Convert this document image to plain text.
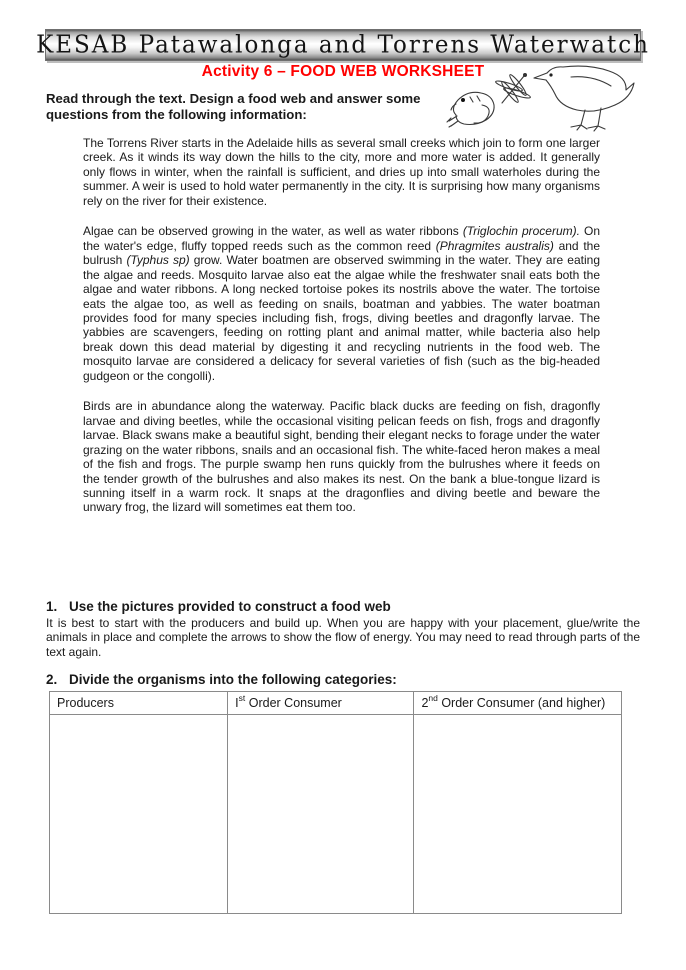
KESAB Patawalonga and Torrens Waterwatch
Activity 6 – FOOD WEB WORKSHEET
Read through the text. Design a food web and answer some questions from the following information:

The Torrens River starts in the Adelaide hills as several small creeks which join to form one larger creek. As it winds its way down the hills to the city, more and more water is added. It generally only flows in winter, when the rainfall is sufficient, and dries up into small waterholes during the summer. A weir is used to hold water permanently in the city. It is surprising how many organisms rely on the river for their existence.

Algae can be observed growing in the water, as well as water ribbons (Triglochin procerum). On the water's edge, fluffy topped reeds such as the common reed (Phragmites australis) and the bulrush (Typhus sp) grow. Water boatmen are observed swimming in the water. They are eating the algae and reeds. Mosquito larvae also eat the algae while the freshwater snail eats both the algae and water ribbons. A long necked tortoise pokes its nostrils above the water. The tortoise eats the algae too, as well as feeding on snails, boatman and yabbies. The water boatman provides food for many species including fish, frogs, diving beetles and dragonfly larvae. The yabbies are scavengers, feeding on rotting plant and animal matter, while bacteria also help break down this dead material by digesting it and recycling nutrients in the food web. The mosquito larvae are considered a delicacy for several varieties of fish (such as the big-headed gudgeon or the congolli).

Birds are in abundance along the waterway. Pacific black ducks are feeding on fish, dragonfly larvae and diving beetles, while the occasional visiting pelican feeds on fish, frogs and dragonfly larvae. Black swans make a beautiful sight, bending their elegant necks to forage under the water grazing on the water ribbons, snails and an occasional fish. The white-faced heron makes a meal of the fish and frogs. The purple swamp hen runs quickly from the bulrushes where it feeds on the tender growth of the bulrushes and also makes its nest. On the bank a blue-tongue lizard is sunning itself in a warm rock. It snaps at the dragonflies and diving beetle and beware the unwary frog, the lizard will sometimes eat them too.

1. Use the pictures provided to construct a food web
It is best to start with the producers and build up. When you are happy with your placement, glue/write the animals in place and complete the arrows to show the flow of energy. You may need to read through parts of the text again.
2. Divide the organisms into the following categories:
Producers	Ist Order Consumer	2nd Order Consumer (and higher)
